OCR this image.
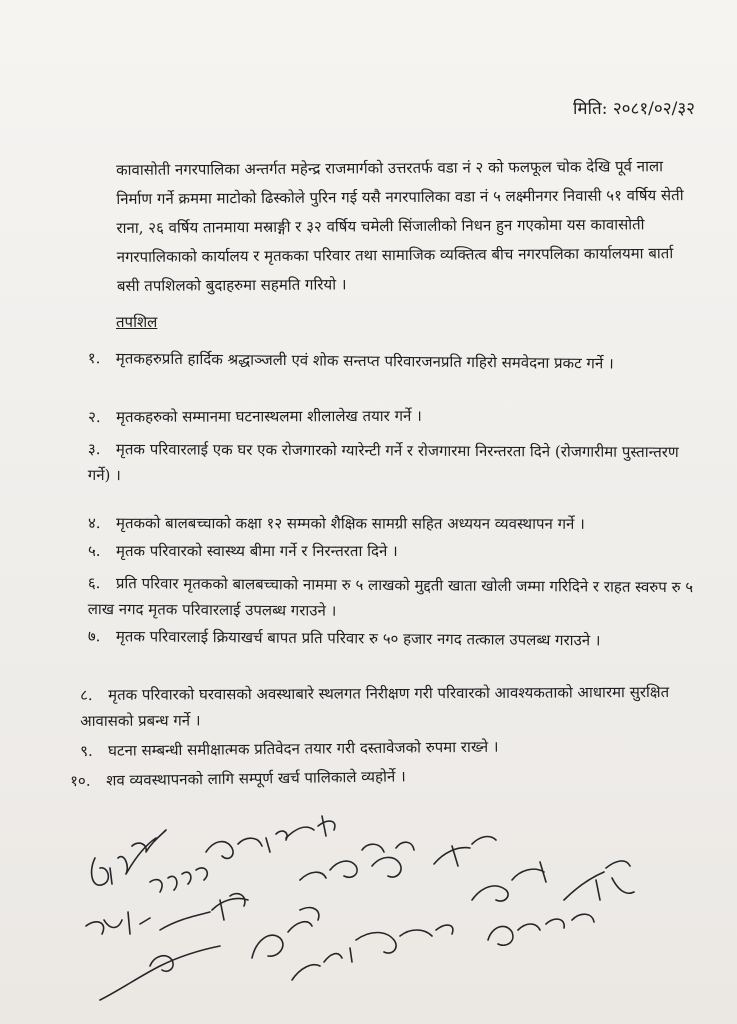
मिति: २०८१/०२/३२
कावासोती नगरपालिका अन्तर्गत महेन्द्र राजमार्गको उत्तरतर्फ वडा नं २ को फलफूल चोक देखि पूर्व नाला निर्माण गर्ने क्रममा माटोको ढिस्कोले पुरिन गई यसै नगरपालिका वडा नं ५ लक्ष्मीनगर निवासी ५१ वर्षिय सेती राना, २६ वर्षिय तानमाया मस्राङ्गी र ३२ वर्षिय चमेली सिंजालीको निधन हुन गएकोमा यस कावासोती नगरपालिकाको कार्यालय र मृतकका परिवार तथा सामाजिक व्यक्तित्व बीच नगरपलिका कार्यालयमा बार्ता बसी तपशिलको बुदाहरुमा सहमति गरियो ।
तपशिल
१. मृतकहरुप्रति हार्दिक श्रद्धाञ्जली एवं शोक सन्तप्त परिवारजनप्रति गहिरो समवेदना प्रकट गर्ने ।
२. मृतकहरुको सम्मानमा घटनास्थलमा शीलालेख तयार गर्ने ।
३. मृतक परिवारलाई एक घर एक रोजगारको ग्यारेन्टी गर्ने र रोजगारमा निरन्तरता दिने (रोजगारीमा पुस्तान्तरण गर्ने) ।
४. मृतकको बालबच्चाको कक्षा १२ सम्मको शैक्षिक सामग्री सहित अध्ययन व्यवस्थापन गर्ने ।
५. मृतक परिवारको स्वास्थ्य बीमा गर्ने र निरन्तरता दिने ।
६. प्रति परिवार मृतकको बालबच्चाको नाममा रु ५ लाखको मुद्दती खाता खोली जम्मा गरिदिने र राहत स्वरुप रु ५ लाख नगद मृतक परिवारलाई उपलब्ध गराउने ।
७. मृतक परिवारलाई क्रियाखर्च बापत प्रति परिवार रु ५० हजार नगद तत्काल उपलब्ध गराउने ।
८. मृतक परिवारको घरवासको अवस्थाबारे स्थलगत निरीक्षण गरी परिवारको आवश्यकताको आधारमा सुरक्षित आवासको प्रबन्ध गर्ने ।
९. घटना सम्बन्धी समीक्षात्मक प्रतिवेदन तयार गरी दस्तावेजको रुपमा राख्ने ।
१०. शव व्यवस्थापनको लागि सम्पूर्ण खर्च पालिकाले व्यहोर्ने ।
